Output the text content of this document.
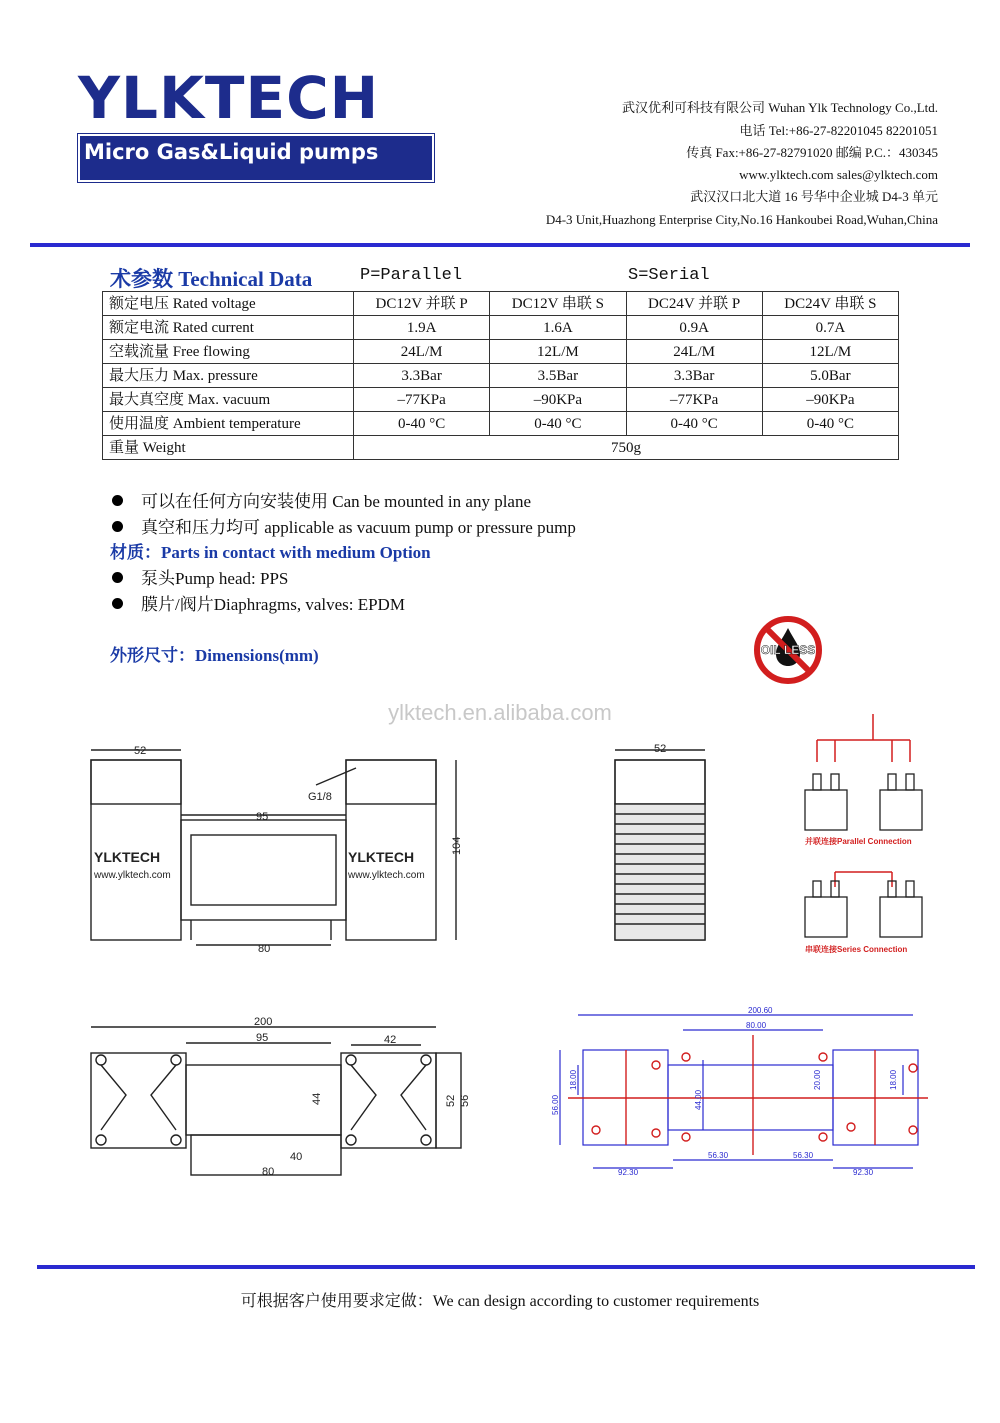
YLKTECH
Micro Gas&Liquid pumps
武汉优利可科技有限公司 Wuhan Ylk Technology Co.,Ltd.
电话 Tel:+86-27-82201045 82201051
传真 Fax:+86-27-82791020 邮编 P.C.：430345
www.ylktech.com sales@ylktech.com
武汉汉口北大道 16 号华中企业城 D4-3 单元
D4-3 Unit,Huazhong Enterprise City,No.16 Hankoubei Road,Wuhan,China
术参数 Technical Data	P=Parallel	S=Serial
额定电压 Rated voltage	DC12V 并联 P	DC12V 串联 S	DC24V 并联 P	DC24V 串联 S
额定电流 Rated current	1.9A	1.6A	0.9A	0.7A
空载流量 Free flowing	24L/M	12L/M	24L/M	12L/M
最大压力 Max. pressure	3.3Bar	3.5Bar	3.3Bar	5.0Bar
最大真空度 Max. vacuum	–77KPa	–90KPa	–77KPa	–90KPa
使用温度 Ambient temperature	0-40 °C	0-40 °C	0-40 °C	0-40 °C
重量 Weight	750g			
可以在任何方向安装使用 Can be mounted in any plane
真空和压力均可 applicable as vacuum pump or pressure pump
材质：Parts in contact with medium Option
泵头Pump head: PPS
膜片/阀片Diaphragms, valves: EPDM
外形尺寸：Dimensions(mm)	OIL LESS
ylktech.en.alibaba.com
52
G1/8
95
80
104
YLKTECH
www.ylktech.com
YLKTECH
www.ylktech.com
52
并联连接Parallel Connection
串联连接Series Connection
200
95	42
44	52 56
40
80
200.60
80.00
92.30
56.30	56.30
92.30
56.00
18.00
44.00
20.00	18.00
可根据客户使用要求定做：We can design according to customer requirements
